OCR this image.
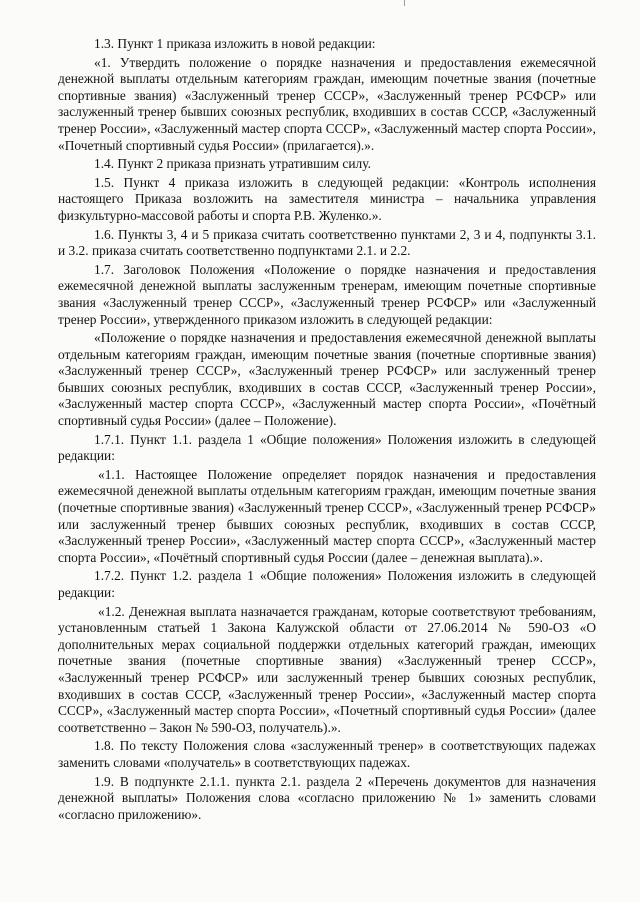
1.3. Пункт 1 приказа изложить в новой редакции:

«1. Утвердить положение о порядке назначения и предоставления ежемесячной денежной выплаты отдельным категориям граждан, имеющим почетные звания (почетные спортивные звания) «Заслуженный тренер СССР», «Заслуженный тренер РСФСР» или заслуженный тренер бывших союзных республик, входивших в состав СССР, «Заслуженный тренер России», «Заслуженный мастер спорта СССР», «Заслуженный мастер спорта России», «Почетный спортивный судья России» (прилагается).».

1.4. Пункт 2 приказа признать утратившим силу.

1.5. Пункт 4 приказа изложить в следующей редакции: «Контроль исполнения настоящего Приказа возложить на заместителя министра – начальника управления физкультурно-массовой работы и спорта Р.В. Жуленко.».

1.6. Пункты 3, 4 и 5 приказа считать соответственно пунктами 2, 3 и 4, подпункты 3.1. и 3.2. приказа считать соответственно подпунктами 2.1. и 2.2.

1.7. Заголовок Положения «Положение о порядке назначения и предоставления ежемесячной денежной выплаты заслуженным тренерам, имеющим почетные спортивные звания «Заслуженный тренер СССР», «Заслуженный тренер РСФСР» или «Заслуженный тренер России», утвержденного приказом изложить в следующей редакции:

«Положение о порядке назначения и предоставления ежемесячной денежной выплаты отдельным категориям граждан, имеющим почетные звания (почетные спортивные звания) «Заслуженный тренер СССР», «Заслуженный тренер РСФСР» или заслуженный тренер бывших союзных республик, входивших в состав СССР, «Заслуженный тренер России», «Заслуженный мастер спорта СССР», «Заслуженный мастер спорта России», «Почётный спортивный судья России» (далее – Положение).

1.7.1. Пункт 1.1. раздела 1 «Общие положения» Положения изложить в следующей редакции:

«1.1. Настоящее Положение определяет порядок назначения и предоставления ежемесячной денежной выплаты отдельным категориям граждан, имеющим почетные звания (почетные спортивные звания) «Заслуженный тренер СССР», «Заслуженный тренер РСФСР» или заслуженный тренер бывших союзных республик, входивших в состав СССР, «Заслуженный тренер России», «Заслуженный мастер спорта СССР», «Заслуженный мастер спорта России», «Почётный спортивный судья России (далее – денежная выплата).».

1.7.2. Пункт 1.2. раздела 1 «Общие положения» Положения изложить в следующей редакции:

«1.2. Денежная выплата назначается гражданам, которые соответствуют требованиям, установленным статьей 1 Закона Калужской области от 27.06.2014 № 590-ОЗ «О дополнительных мерах социальной поддержки отдельных категорий граждан, имеющих почетные звания (почетные спортивные звания) «Заслуженный тренер СССР», «Заслуженный тренер РСФСР» или заслуженный тренер бывших союзных республик, входивших в состав СССР, «Заслуженный тренер России», «Заслуженный мастер спорта СССР», «Заслуженный мастер спорта России», «Почетный спортивный судья России» (далее соответственно – Закон № 590-ОЗ, получатель).».

1.8. По тексту Положения слова «заслуженный тренер» в соответствующих падежах заменить словами «получатель» в соответствующих падежах.

1.9. В подпункте 2.1.1. пункта 2.1. раздела 2 «Перечень документов для назначения денежной выплаты» Положения слова «согласно приложению № 1» заменить словами «согласно приложению».
